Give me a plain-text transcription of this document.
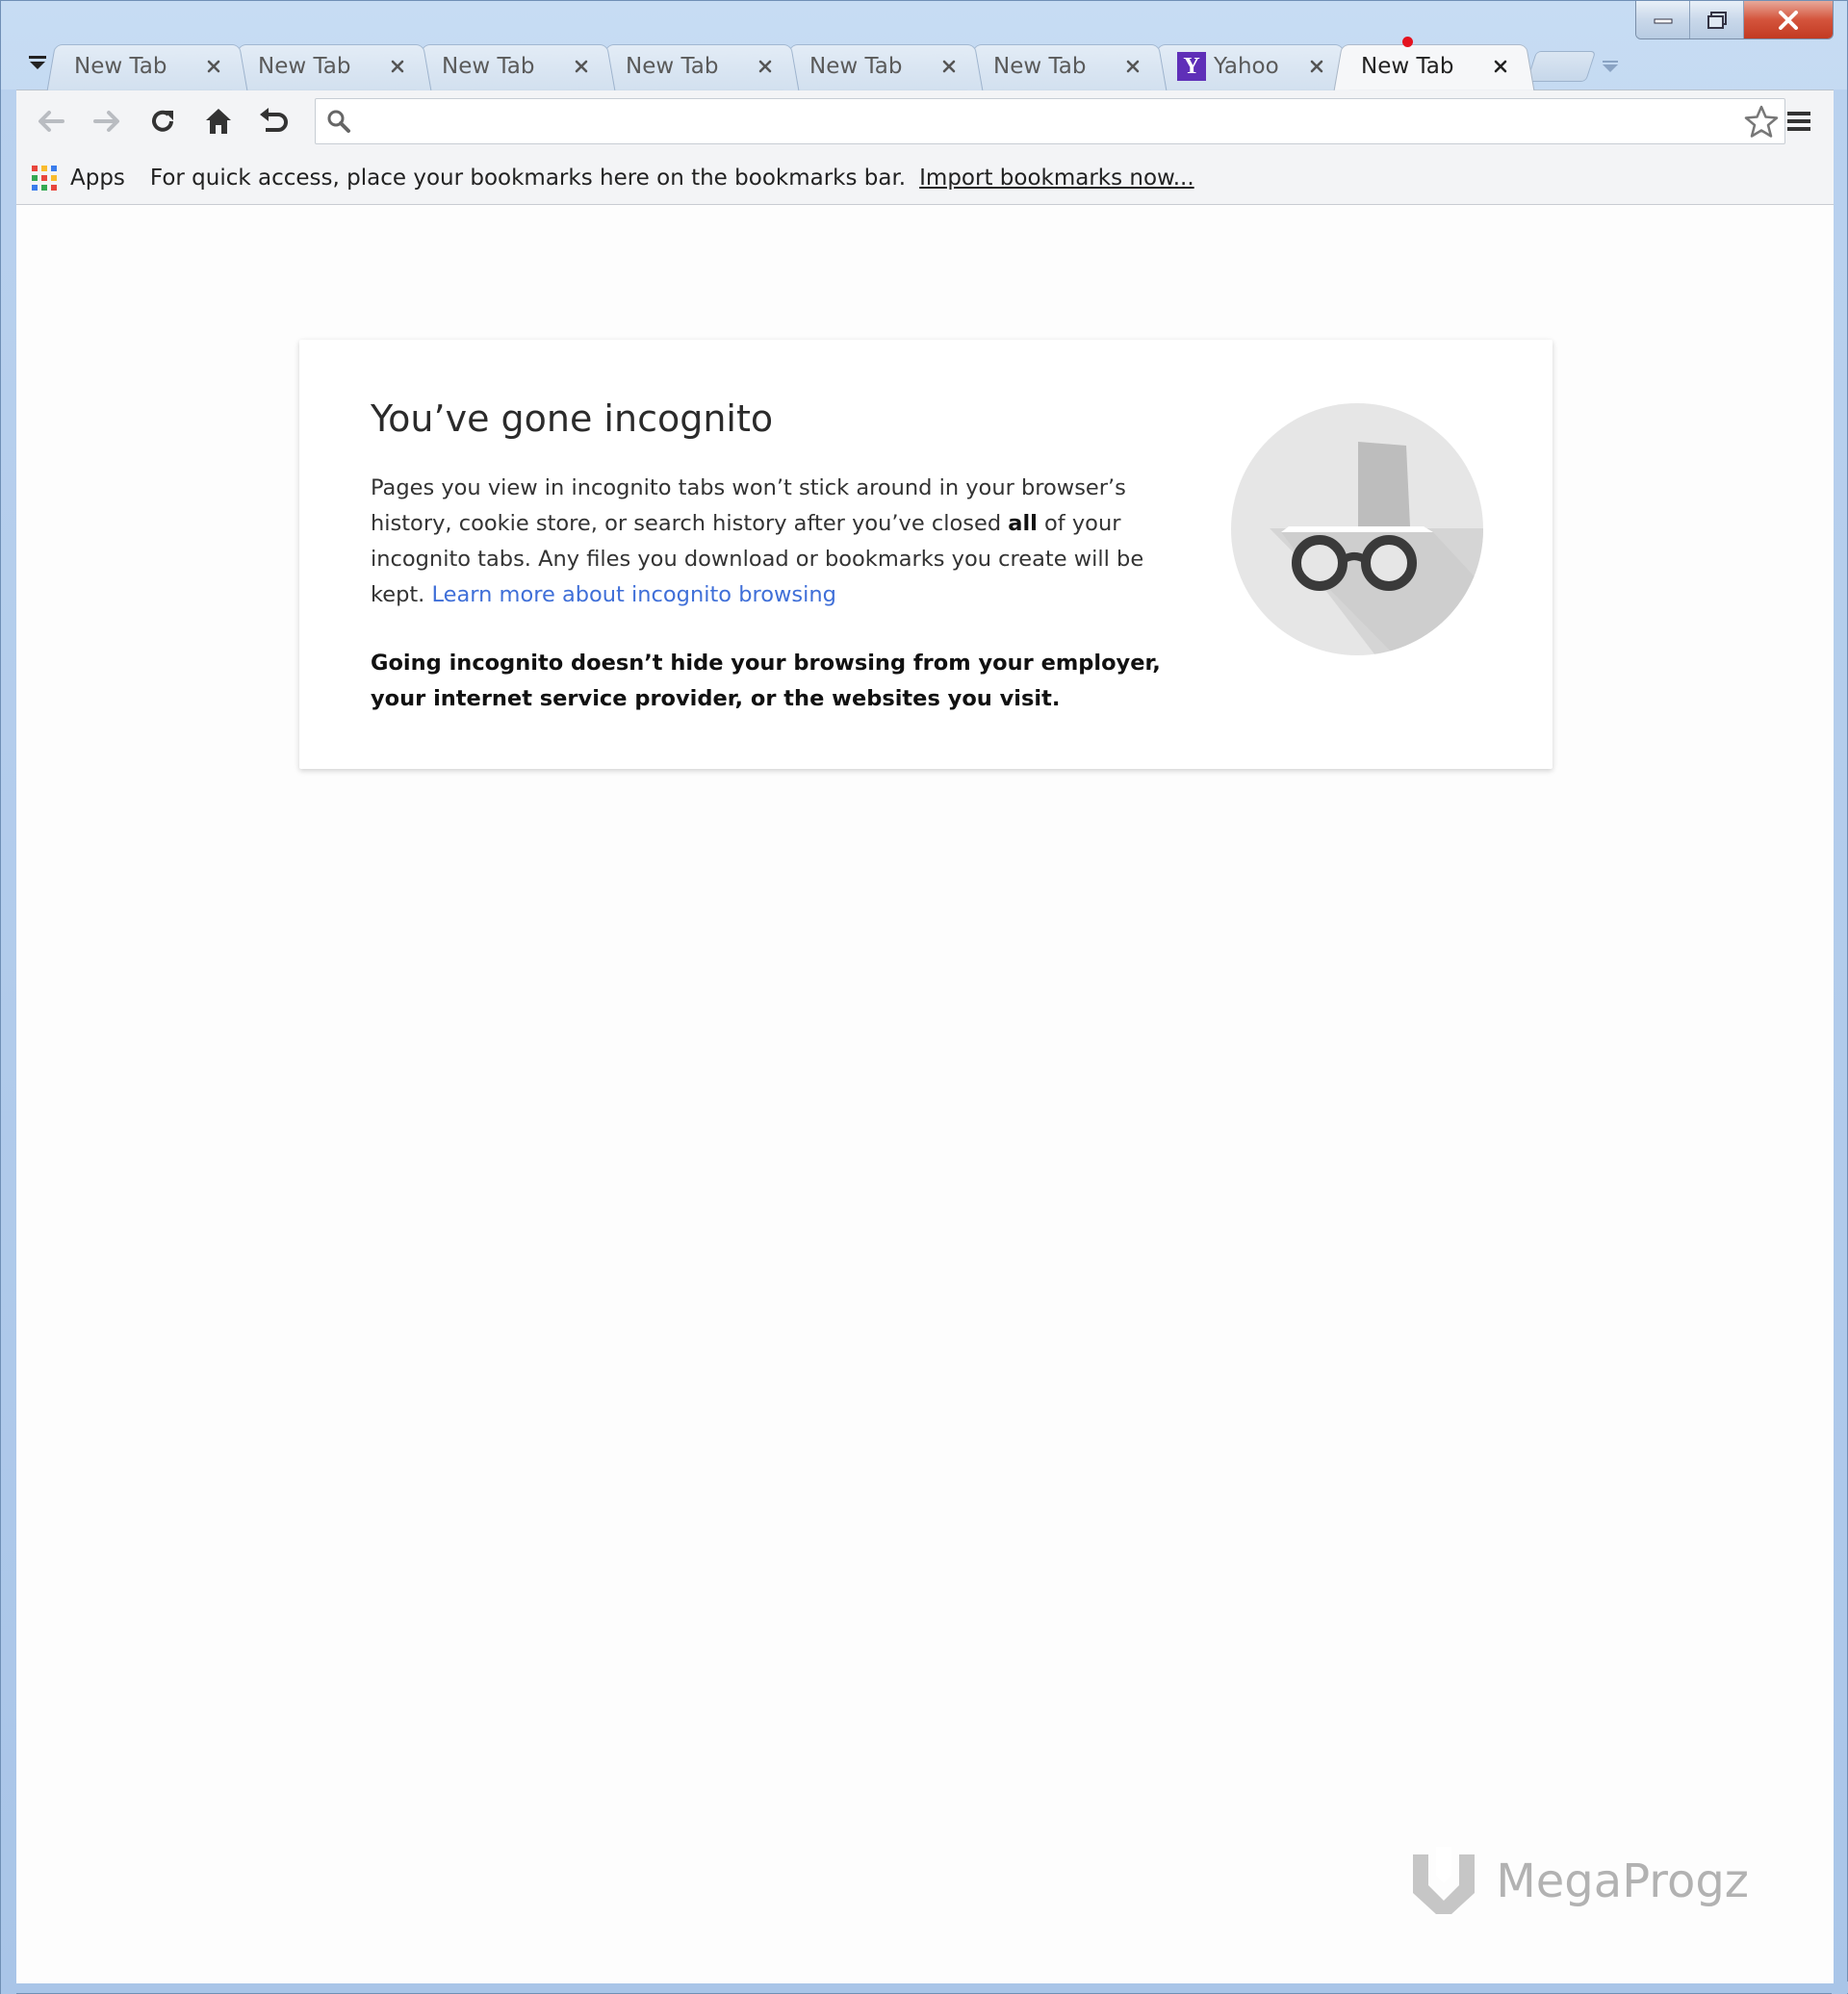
New Tab	New Tab	New Tab	New Tab	New Tab	New Tab	Y Yahoo	New Tab
Apps For quick access, place your bookmarks here on the bookmarks bar. Import bookmarks now...
You’ve gone incognito

Pages you view in incognito tabs won’t stick around in your browser’s history, cookie store, or search history after you’ve closed all of your incognito tabs. Any files you download or bookmarks you create will be kept. Learn more about incognito browsing

Going incognito doesn’t hide your browsing from your employer, your internet service provider, or the websites you visit.

MegaProgz
